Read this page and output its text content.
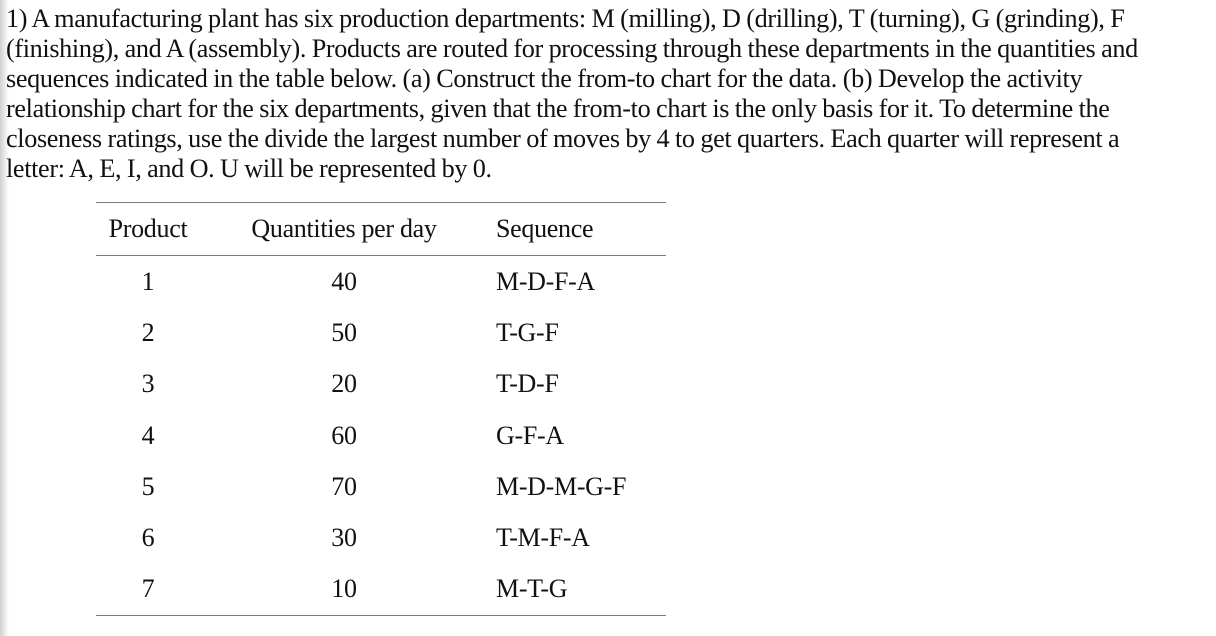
1) A manufacturing plant has six production departments: M (milling), D (drilling), T (turning), G (grinding), F
(finishing), and A (assembly). Products are routed for processing through these departments in the quantities and
sequences indicated in the table below. (a) Construct the from-to chart for the data. (b) Develop the activity
relationship chart for the six departments, given that the from-to chart is the only basis for it. To determine the
closeness ratings, use the divide the largest number of moves by 4 to get quarters. Each quarter will represent a
letter: A, E, I, and O. U will be represented by 0.

Product	Quantities per day	Sequence
1	40	M-D-F-A
2	50	T-G-F
3	20	T-D-F
4	60	G-F-A
5	70	M-D-M-G-F
6	30	T-M-F-A
7	10	M-T-G
